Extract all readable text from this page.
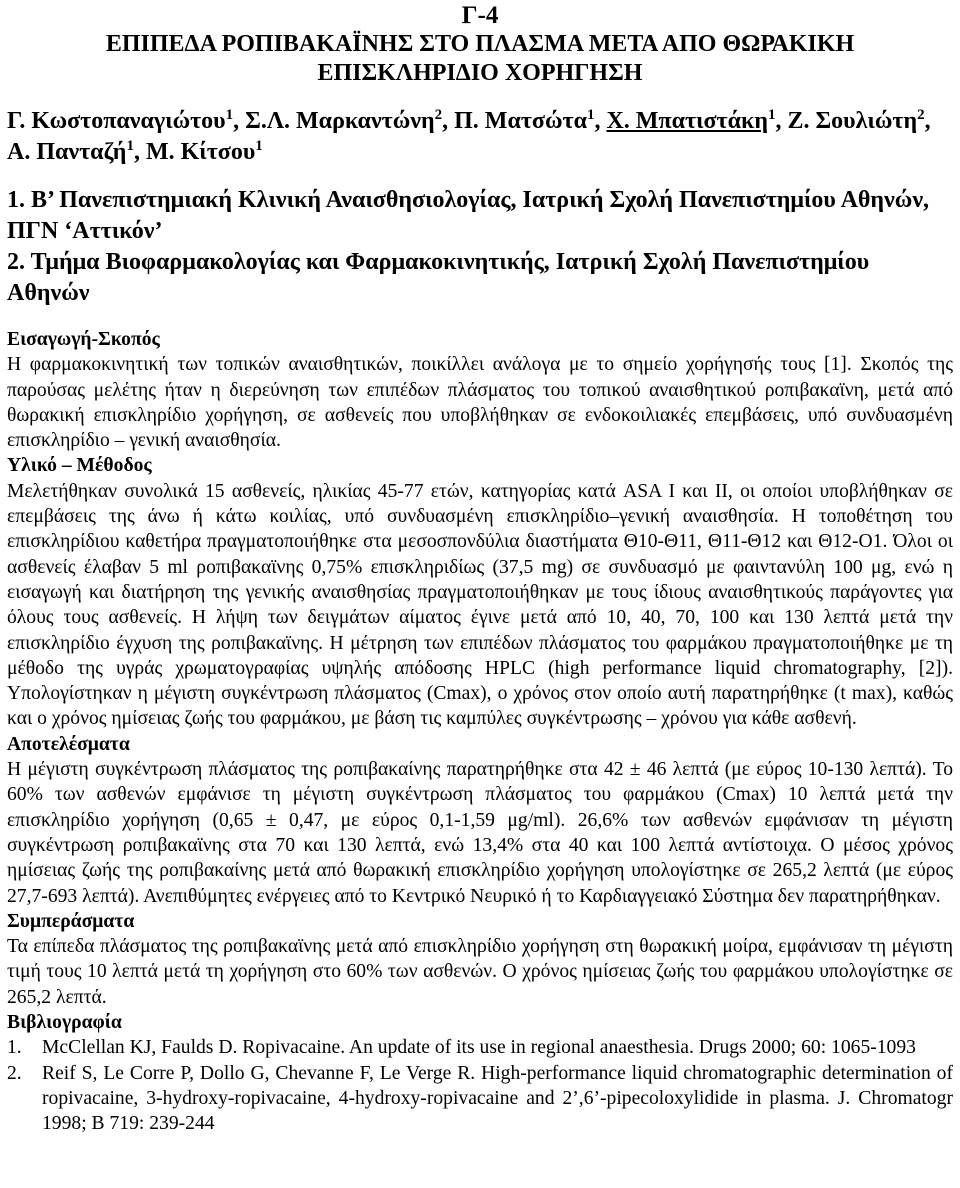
Γ-4
ΕΠΙΠΕΔΑ ΡΟΠΙΒΑΚΑΪΝΗΣ ΣΤΟ ΠΛΑΣΜΑ ΜΕΤΑ ΑΠΟ ΘΩΡΑΚΙΚΗ
ΕΠΙΣΚΛΗΡΙΔΙΟ ΧΟΡΗΓΗΣΗ
Γ. Κωστοπαναγιώτου$^1$, Σ.Λ. Μαρκαντώνη$^2$, Π. Ματσώτα$^1$, Χ. Μπατιστάκη$^1$, Ζ. Σουλιώτη$^2$, Α. Πανταζή$^1$, Μ. Κίτσου$^1$
1. Β’ Πανεπιστημιακή Κλινική Αναισθησιολογίας, Ιατρική Σχολή Πανεπιστημίου Αθηνών, ΠΓΝ ‘Αττικόν’
2. Τμήμα Βιοφαρμακολογίας και Φαρμακοκινητικής, Ιατρική Σχολή Πανεπιστημίου Αθηνών
Εισαγωγή-Σκοπός

Η φαρμακοκινητική των τοπικών αναισθητικών, ποικίλλει ανάλογα με το σημείο χορήγησής τους [1]. Σκοπός της παρούσας μελέτης ήταν η διερεύνηση των επιπέδων πλάσματος του τοπικού αναισθητικού ροπιβακαϊνη, μετά από θωρακική επισκληρίδιο χορήγηση, σε ασθενείς που υποβλήθηκαν σε ενδοκοιλιακές επεμβάσεις, υπό συνδυασμένη επισκληρίδιο – γενική αναισθησία.

Υλικό – Μέθοδος

Μελετήθηκαν συνολικά 15 ασθενείς, ηλικίας 45-77 ετών, κατηγορίας κατά ASA I και II, οι οποίοι υποβλήθηκαν σε επεμβάσεις της άνω ή κάτω κοιλίας, υπό συνδυασμένη επισκληρίδιο–γενική αναισθησία. Η τοποθέτηση του επισκληρίδιου καθετήρα πραγματοποιήθηκε στα μεσοσπονδύλια διαστήματα Θ10-Θ11, Θ11-Θ12 και Θ12-Ο1. Όλοι οι ασθενείς έλαβαν 5 ml ροπιβακαϊνης 0,75% επισκληριδίως (37,5 mg) σε συνδυασμό με φαιντανύλη 100 μg, ενώ η εισαγωγή και διατήρηση της γενικής αναισθησίας πραγματοποιήθηκαν με τους ίδιους αναισθητικούς παράγοντες για όλους τους ασθενείς. Η λήψη των δειγμάτων αίματος έγινε μετά από 10, 40, 70, 100 και 130 λεπτά μετά την επισκληρίδιο έγχυση της ροπιβακαϊνης. Η μέτρηση των επιπέδων πλάσματος του φαρμάκου πραγματοποιήθηκε με τη μέθοδο της υγράς χρωματογραφίας υψηλής απόδοσης HPLC (high performance liquid chromatography, [2]). Υπολογίστηκαν η μέγιστη συγκέντρωση πλάσματος (Cmax), ο χρόνος στον οποίο αυτή παρατηρήθηκε (t max), καθώς και ο χρόνος ημίσειας ζωής του φαρμάκου, με βάση τις καμπύλες συγκέντρωσης – χρόνου για κάθε ασθενή.

Αποτελέσματα

Η μέγιστη συγκέντρωση πλάσματος της ροπιβακαίνης παρατηρήθηκε στα 42 ± 46 λεπτά (με εύρος 10-130 λεπτά). Το 60% των ασθενών εμφάνισε τη μέγιστη συγκέντρωση πλάσματος του φαρμάκου (Cmax) 10 λεπτά μετά την επισκληρίδιο χορήγηση (0,65 ± 0,47, με εύρος 0,1-1,59 μg/ml). 26,6% των ασθενών εμφάνισαν τη μέγιστη συγκέντρωση ροπιβακαϊνης στα 70 και 130 λεπτά, ενώ 13,4% στα 40 και 100 λεπτά αντίστοιχα. Ο μέσος χρόνος ημίσειας ζωής της ροπιβακαίνης μετά από θωρακική επισκληρίδιο χορήγηση υπολογίστηκε σε 265,2 λεπτά (με εύρος 27,7-693 λεπτά). Ανεπιθύμητες ενέργειες από το Κεντρικό Νευρικό ή το Καρδιαγγειακό Σύστημα δεν παρατηρήθηκαν.

Συμπεράσματα

Τα επίπεδα πλάσματος της ροπιβακαϊνης μετά από επισκληρίδιο χορήγηση στη θωρακική μοίρα, εμφάνισαν τη μέγιστη τιμή τους 10 λεπτά μετά τη χορήγηση στο 60% των ασθενών. Ο χρόνος ημίσειας ζωής του φαρμάκου υπολογίστηκε σε 265,2 λεπτά.

Βιβλιογραφία
1. McClellan KJ, Faulds D. Ropivacaine. An update of its use in regional anaesthesia. Drugs 2000; 60: 1065-1093
2. Reif S, Le Corre P, Dollo G, Chevanne F, Le Verge R. High-performance liquid chromatographic determination of ropivacaine, 3-hydroxy-ropivacaine, 4-hydroxy-ropivacaine and 2’,6’-pipecoloxylidide in plasma. J. Chromatogr 1998; B 719: 239-244
